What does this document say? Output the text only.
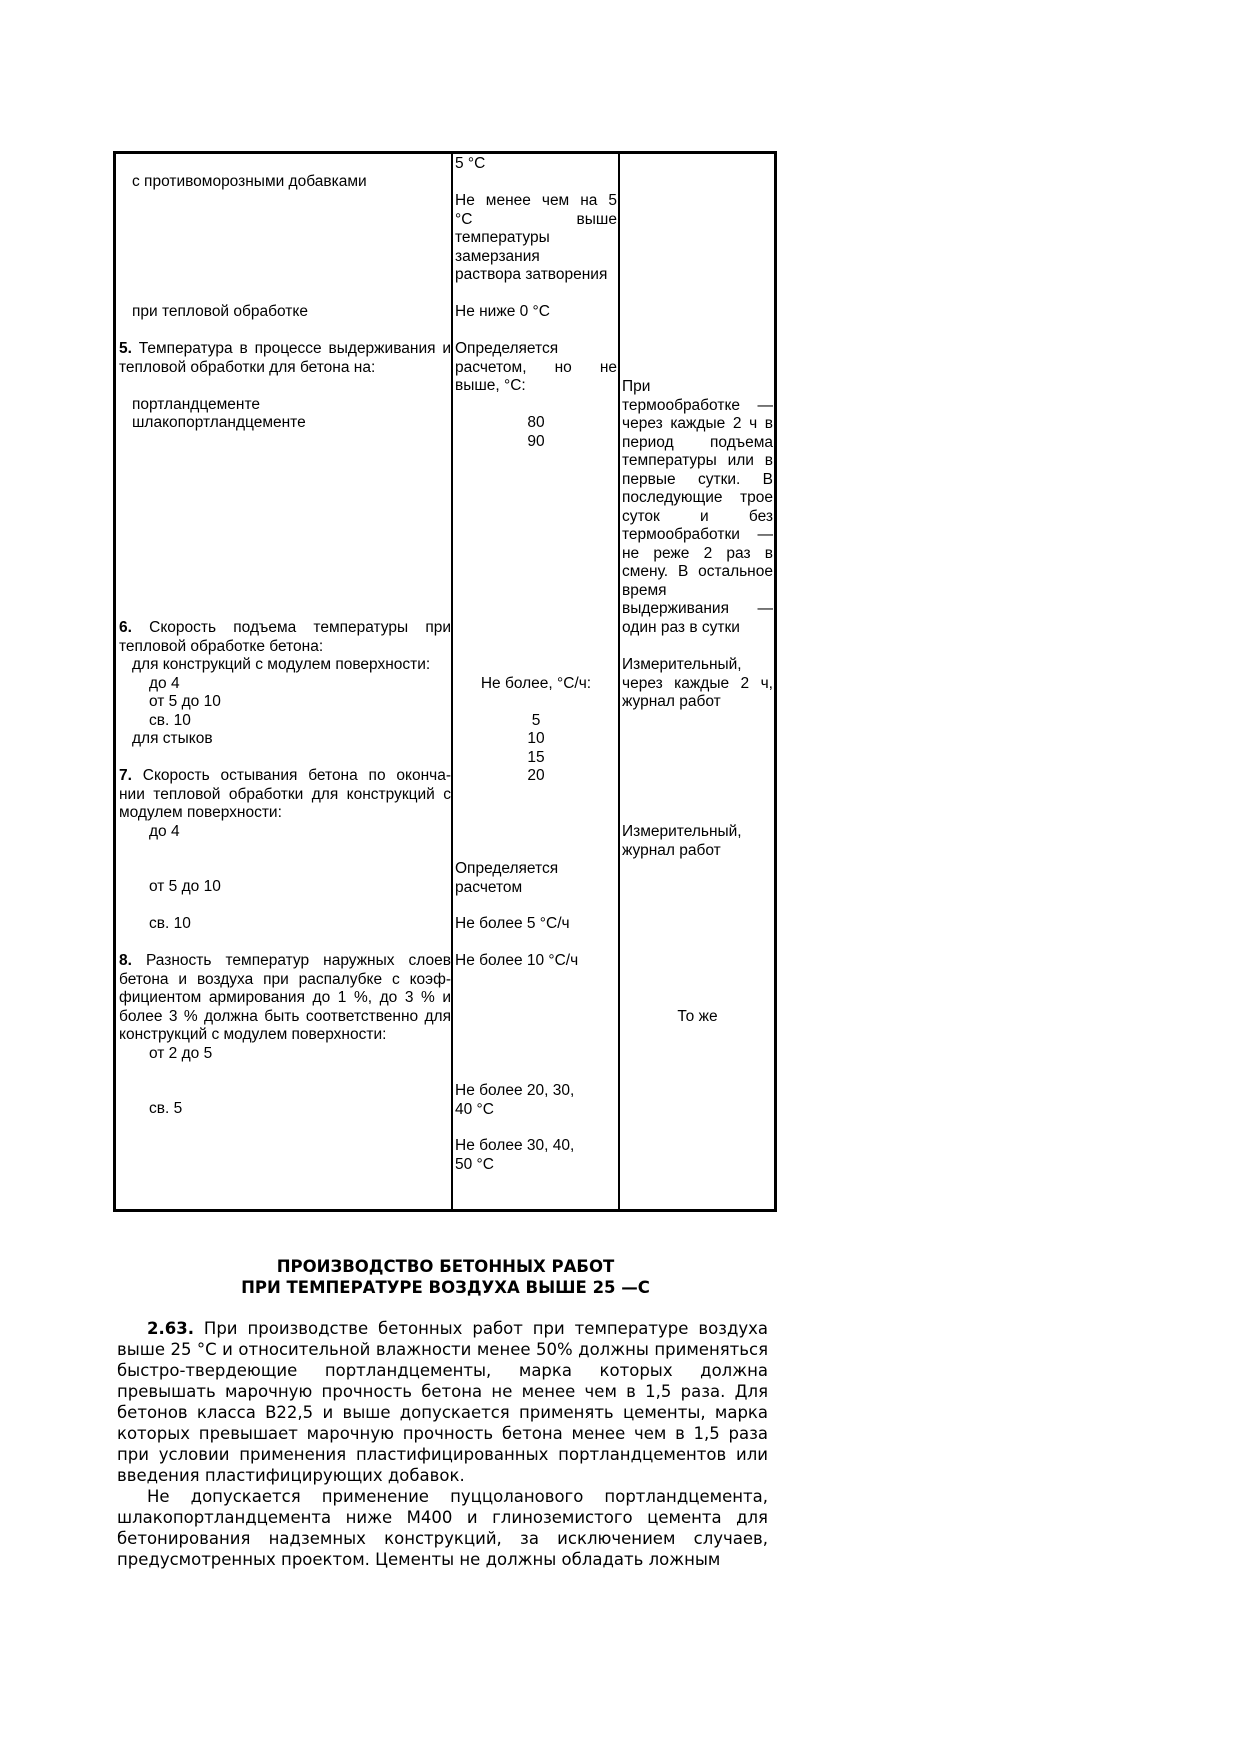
с противоморозными добавками

при тепловой обработке

5. Температура в процессе выдерживания и тепловой обработки для бетона на:

портландцементе

шлакопортландцементе

6. Скорость подъема температуры при тепловой обработке бетона:

для конструкций с модулем поверхности:

до 4

от 5 до 10

св. 10

для стыков

7. Скорость остывания бетона по оконча-

нии тепловой обработки для конструкций с

модулем поверхности:

до 4

от 5 до 10

св. 10

8. Разность температур наружных слоев

бетона и воздуха при распалубке с коэф-

фициентом армирования до 1 %, до 3 % и

более 3 % должна быть соответственно для

конструкций с модулем поверхности:

от 2 до 5

св. 5

5 °C

Не менее чем на 5

°C выше

температуры

замерзания

раствора затворения

Не ниже 0 °C

Определяется

расчетом, но не

выше, °C:

80

90

Не более, °С/ч:

5

10

15

20

Определяется

расчетом

Не более 5 °С/ч

Не более 10 °С/ч

Не более 20, 30,

40 °С

Не более 30, 40,

50 °С

При

термообработке —

через каждые 2 ч в

период подъема

температуры или в

первые сутки. В

последующие трое

суток и без

термообработки —

не реже 2 раз в

смену. В остальное

время

выдерживания —

один раз в сутки

Измерительный,

через каждые 2 ч,

журнал работ

Измерительный,

журнал работ

То же

ПРОИЗВОДСТВО БЕТОННЫХ РАБОТ
ПРИ ТЕМПЕРАТУРЕ ВОЗДУХА ВЫШЕ 25 —С

2.63. При производстве бетонных работ при температуре воздуха выше 25 °С и относительной влажности менее 50% должны применяться быстро-твердеющие портландцементы, марка которых должна превышать марочную прочность бетона не менее чем в 1,5 раза. Для бетонов класса В22,5 и выше допускается применять цементы, марка которых превышает марочную прочность бетона менее чем в 1,5 раза при условии применения пластифицированных портландцементов или введения пластифицирующих добавок.

Не допускается применение пуццоланового портландцемента, шлакопортландцемента ниже М400 и глиноземистого цемента для бетонирования надземных конструкций, за исключением случаев, предусмотренных проектом. Цементы не должны обладать ложным
